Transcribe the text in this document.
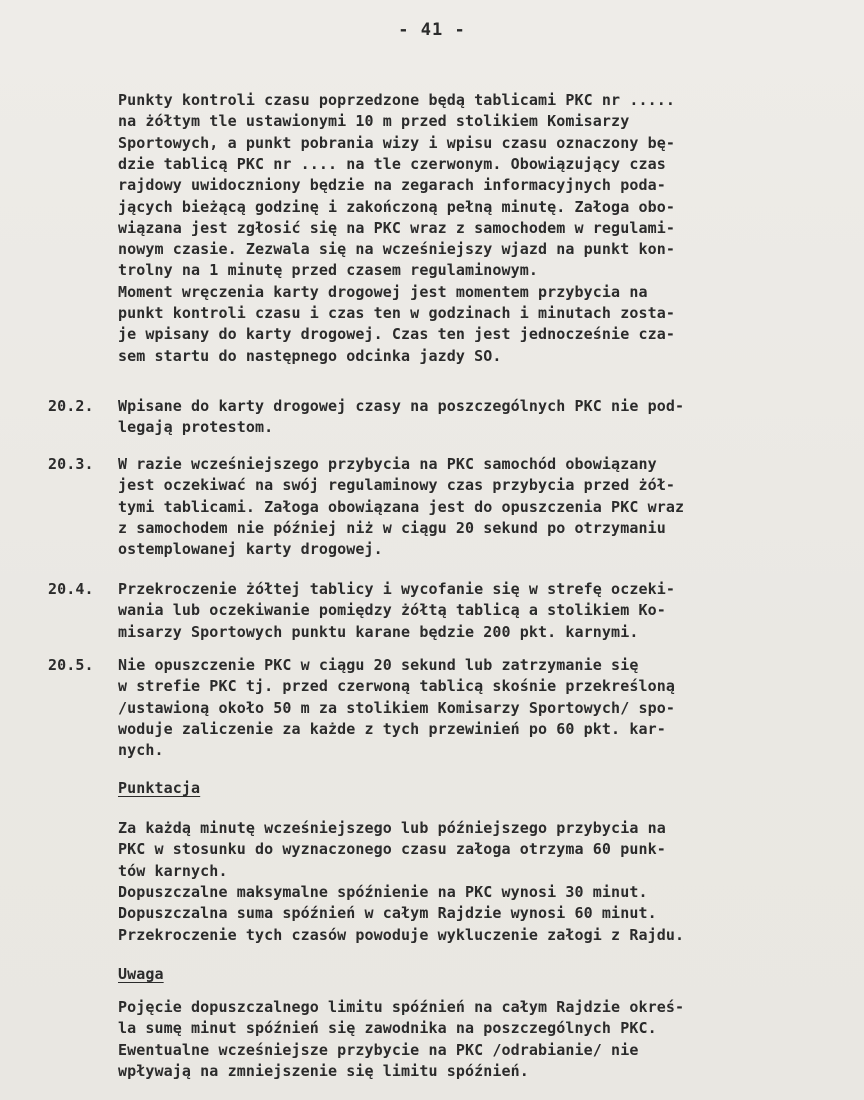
- 41 -
Punkty kontroli czasu poprzedzone będą tablicami PKC nr .....
na żółtym tle ustawionymi 10 m przed stolikiem Komisarzy
Sportowych, a punkt pobrania wizy i wpisu czasu oznaczony bę-
dzie tablicą PKC nr .... na tle czerwonym. Obowiązujący czas
rajdowy uwidoczniony będzie na zegarach informacyjnych poda-
jących bieżącą godzinę i zakończoną pełną minutę. Załoga obo-
wiązana jest zgłosić się na PKC wraz z samochodem w regulami-
nowym czasie. Zezwala się na wcześniejszy wjazd na punkt kon-
trolny na 1 minutę przed czasem regulaminowym.
Moment wręczenia karty drogowej jest momentem przybycia na
punkt kontroli czasu i czas ten w godzinach i minutach zosta-
je wpisany do karty drogowej. Czas ten jest jednocześnie cza-
sem startu do następnego odcinka jazdy SO.
20.2. Wpisane do karty drogowej czasy na poszczególnych PKC nie pod-
legają protestom.
20.3. W razie wcześniejszego przybycia na PKC samochód obowiązany
jest oczekiwać na swój regulaminowy czas przybycia przed żół-
tymi tablicami. Załoga obowiązana jest do opuszczenia PKC wraz
z samochodem nie później niż w ciągu 20 sekund po otrzymaniu
ostemplowanej karty drogowej.
20.4. Przekroczenie żółtej tablicy i wycofanie się w strefę oczeki-
wania lub oczekiwanie pomiędzy żółtą tablicą a stolikiem Ko-
misarzy Sportowych punktu karane będzie 200 pkt. karnymi.
20.5. Nie opuszczenie PKC w ciągu 20 sekund lub zatrzymanie się
w strefie PKC tj. przed czerwoną tablicą skośnie przekreśloną
/ustawioną około 50 m za stolikiem Komisarzy Sportowych/ spo-
woduje zaliczenie za każde z tych przewinień po 60 pkt. kar-
nych.
Punktacja
Za każdą minutę wcześniejszego lub późniejszego przybycia na
PKC w stosunku do wyznaczonego czasu załoga otrzyma 60 punk-
tów karnych.
Dopuszczalne maksymalne spóźnienie na PKC wynosi 30 minut.
Dopuszczalna suma spóźnień w całym Rajdzie wynosi 60 minut.
Przekroczenie tych czasów powoduje wykluczenie załogi z Rajdu.
Uwaga
Pojęcie dopuszczalnego limitu spóźnień na całym Rajdzie okreś-
la sumę minut spóźnień się zawodnika na poszczególnych PKC.
Ewentualne wcześniejsze przybycie na PKC /odrabianie/ nie
wpływają na zmniejszenie się limitu spóźnień.
